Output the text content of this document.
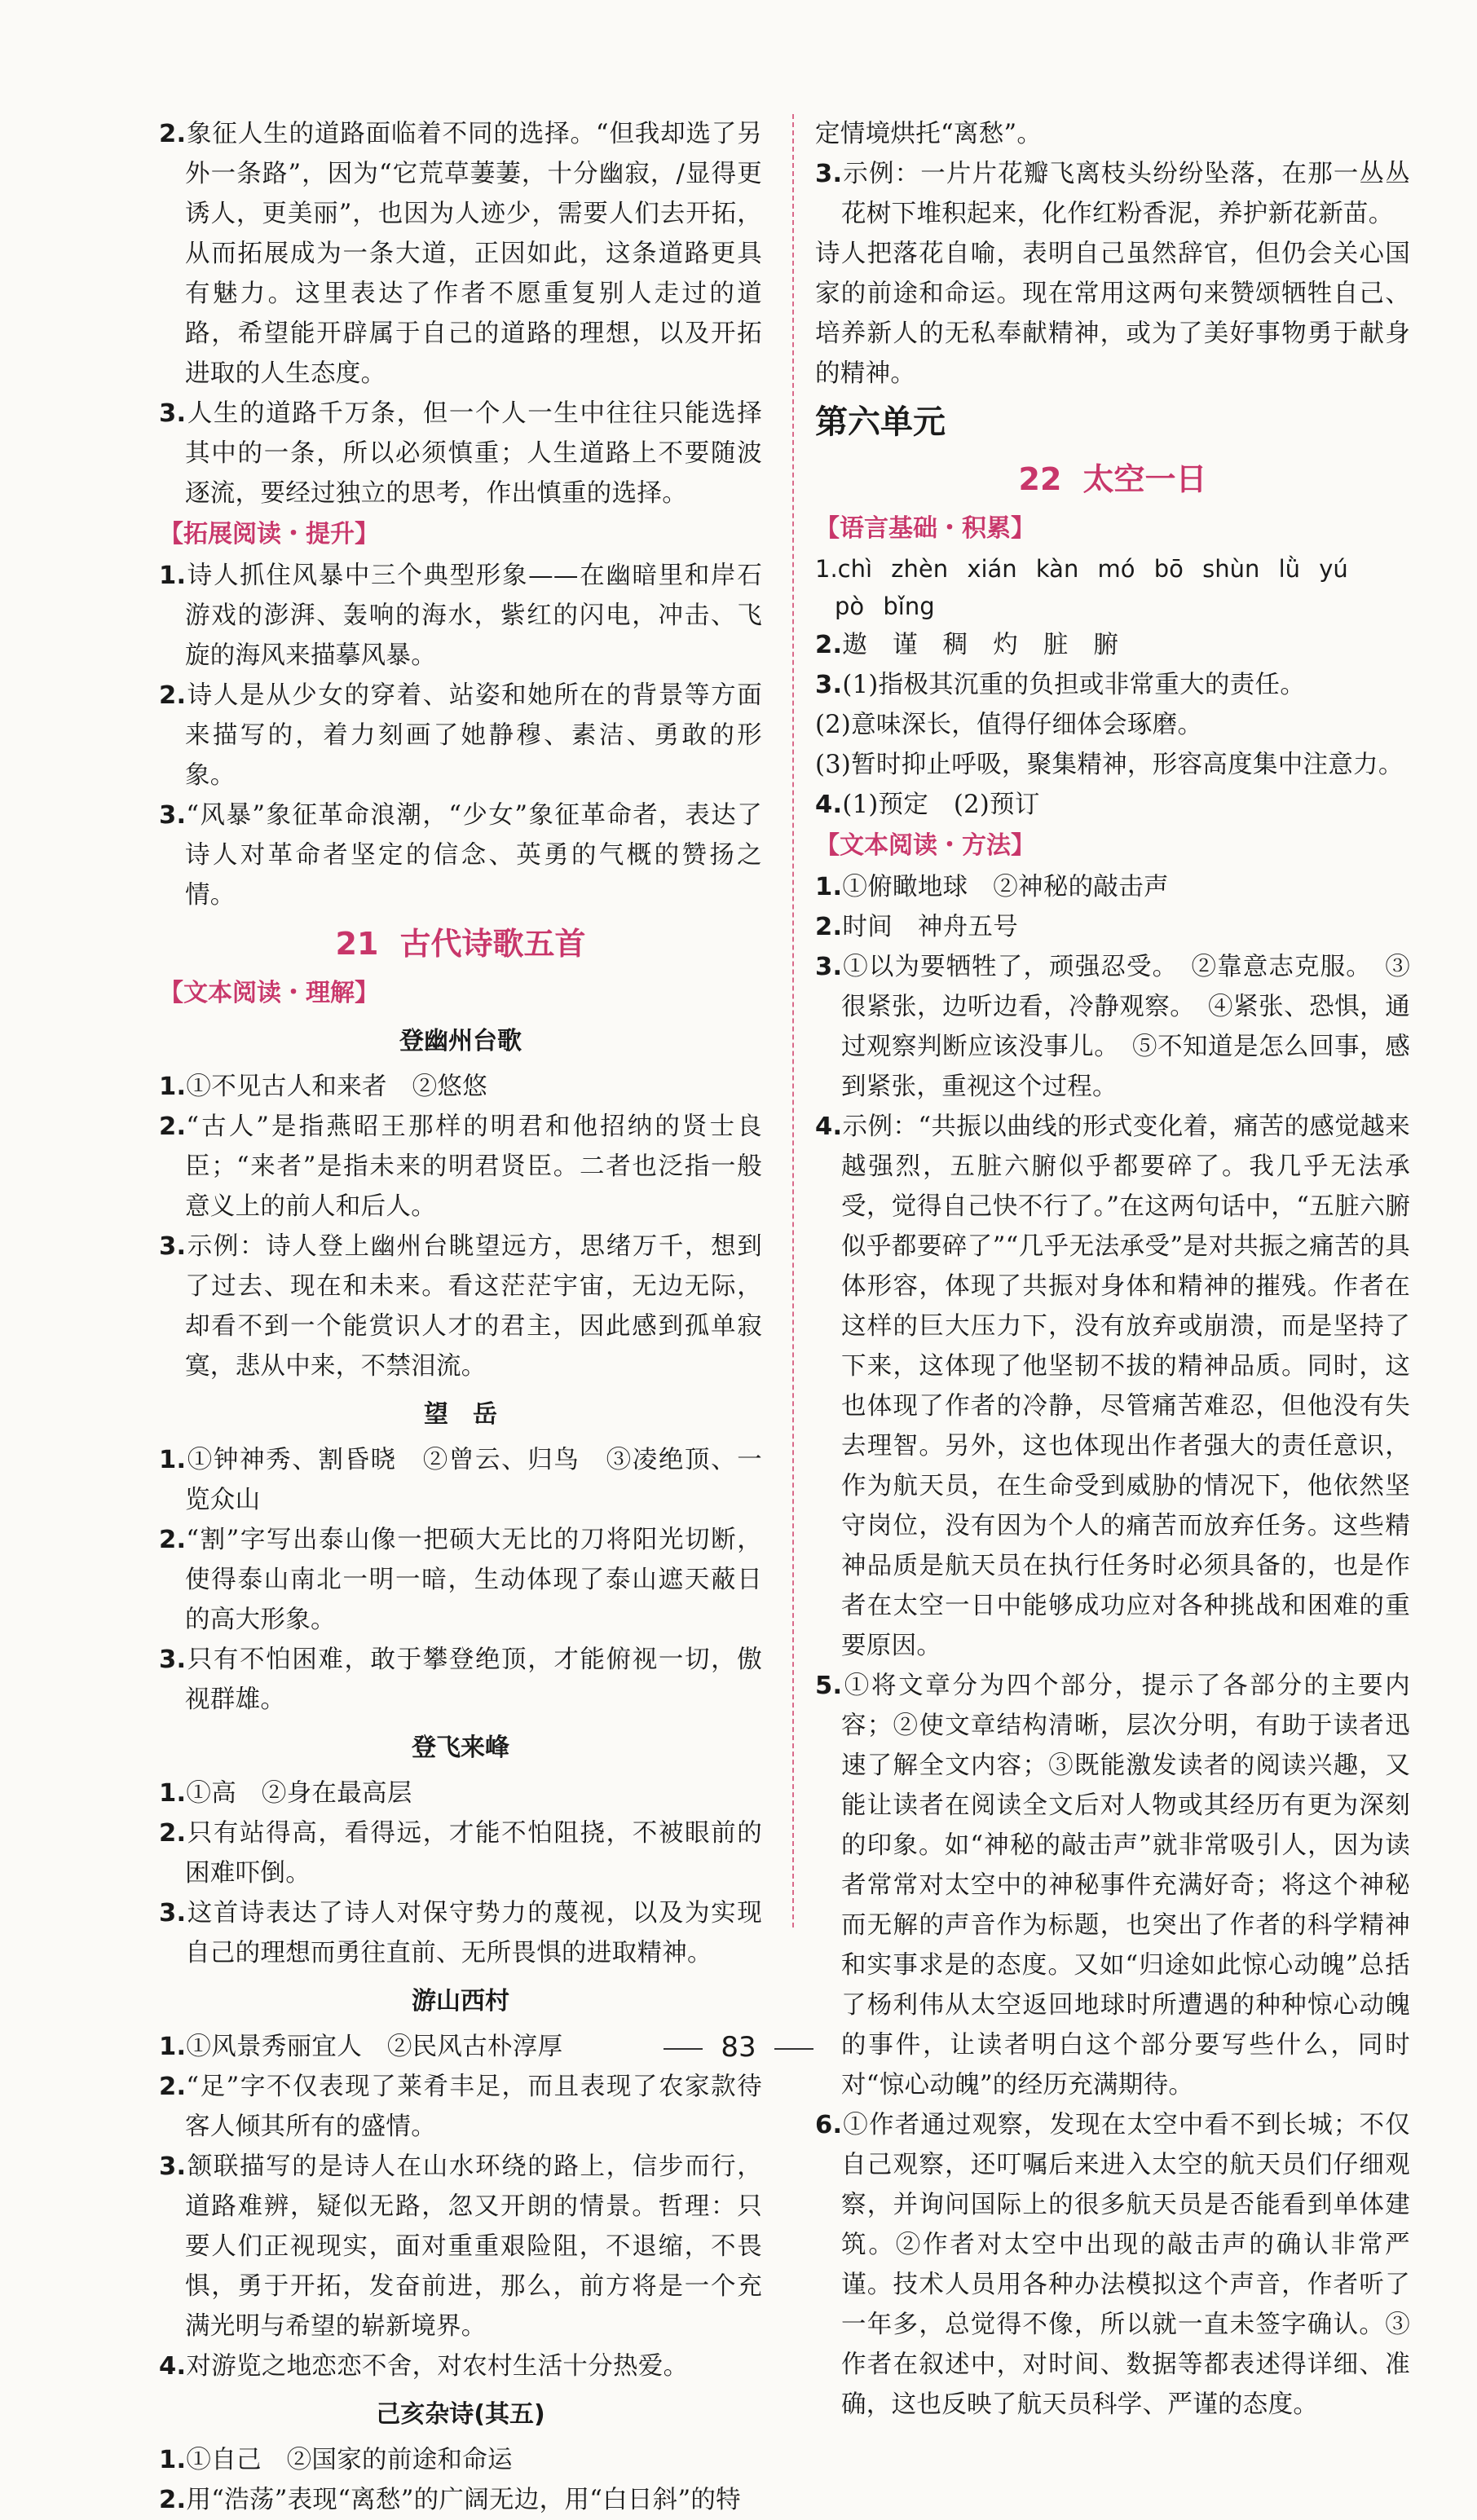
2.象征人生的道路面临着不同的选择。“但我却选了另外一条路”，因为“它荒草萋萋，十分幽寂，/显得更诱人，更美丽”，也因为人迹少，需要人们去开拓，从而拓展成为一条大道，正因如此，这条道路更具有魅力。这里表达了作者不愿重复别人走过的道路，希望能开辟属于自己的道路的理想，以及开拓进取的人生态度。

3.人生的道路千万条，但一个人一生中往往只能选择其中的一条，所以必须慎重；人生道路上不要随波逐流，要经过独立的思考，作出慎重的选择。

【拓展阅读・提升】

1.诗人抓住风暴中三个典型形象——在幽暗里和岸石游戏的澎湃、轰响的海水，紫红的闪电，冲击、飞旋的海风来描摹风暴。

2.诗人是从少女的穿着、站姿和她所在的背景等方面来描写的，着力刻画了她静穆、素洁、勇敢的形象。

3.“风暴”象征革命浪潮，“少女”象征革命者，表达了诗人对革命者坚定的信念、英勇的气概的赞扬之情。

21 古代诗歌五首
【文本阅读・理解】
登幽州台歌

1.①不见古人和来者　②悠悠

2.“古人”是指燕昭王那样的明君和他招纳的贤士良臣；“来者”是指未来的明君贤臣。二者也泛指一般意义上的前人和后人。

3.示例：诗人登上幽州台眺望远方，思绪万千，想到了过去、现在和未来。看这茫茫宇宙，无边无际，却看不到一个能赏识人才的君主，因此感到孤单寂寞，悲从中来，不禁泪流。

望　岳

1.①钟神秀、割昏晓　②曾云、归鸟　③凌绝顶、一览众山

2.“割”字写出泰山像一把硕大无比的刀将阳光切断，使得泰山南北一明一暗，生动体现了泰山遮天蔽日的高大形象。

3.只有不怕困难，敢于攀登绝顶，才能俯视一切，傲视群雄。

登飞来峰

1.①高　②身在最高层

2.只有站得高，看得远，才能不怕阻挠，不被眼前的困难吓倒。

3.这首诗表达了诗人对保守势力的蔑视，以及为实现自己的理想而勇往直前、无所畏惧的进取精神。

游山西村

1.①风景秀丽宜人　②民风古朴淳厚

2.“足”字不仅表现了莱肴丰足，而且表现了农家款待客人倾其所有的盛情。

3.颔联描写的是诗人在山水环绕的路上，信步而行，道路难辨，疑似无路，忽又开朗的情景。哲理：只要人们正视现实，面对重重艰险阻，不退缩，不畏惧，勇于开拓，发奋前进，那么，前方将是一个充满光明与希望的崭新境界。

4.对游览之地恋恋不舍，对农村生活十分热爱。

己亥杂诗(其五)

1.①自己　②国家的前途和命运

2.用“浩荡”表现“离愁”的广阔无边，用“白日斜”的特

定情境烘托“离愁”。

3.示例：一片片花瓣飞离枝头纷纷坠落，在那一丛丛花树下堆积起来，化作红粉香泥，养护新花新苗。

诗人把落花自喻，表明自己虽然辞官，但仍会关心国家的前途和命运。现在常用这两句来赞颂牺牲自己、培养新人的无私奉献精神，或为了美好事物勇于献身的精神。

第六单元
22 太空一日
【语言基础・积累】

1.chì zhèn xián kàn mó bō shùn lǜ yú

pò bǐng

2.遨　谨　稠　灼　脏　腑

3.(1)指极其沉重的负担或非常重大的责任。

(2)意味深长，值得仔细体会琢磨。

(3)暂时抑止呼吸，聚集精神，形容高度集中注意力。

4.(1)预定　(2)预订

【文本阅读・方法】

1.①俯瞰地球　②神秘的敲击声

2.时间　神舟五号

3.①以为要牺牲了，顽强忍受。　②靠意志克服。　③很紧张，边听边看，冷静观察。　④紧张、恐惧，通过观察判断应该没事儿。　⑤不知道是怎么回事，感到紧张，重视这个过程。

4.示例：“共振以曲线的形式变化着，痛苦的感觉越来越强烈，五脏六腑似乎都要碎了。我几乎无法承受，觉得自己快不行了。”在这两句话中，“五脏六腑似乎都要碎了”“几乎无法承受”是对共振之痛苦的具体形容，体现了共振对身体和精神的摧残。作者在这样的巨大压力下，没有放弃或崩溃，而是坚持了下来，这体现了他坚韧不拔的精神品质。同时，这也体现了作者的冷静，尽管痛苦难忍，但他没有失去理智。另外，这也体现出作者强大的责任意识，作为航天员，在生命受到威胁的情况下，他依然坚守岗位，没有因为个人的痛苦而放弃任务。这些精神品质是航天员在执行任务时必须具备的，也是作者在太空一日中能够成功应对各种挑战和困难的重要原因。

5.①将文章分为四个部分，提示了各部分的主要内容；②使文章结构清晰，层次分明，有助于读者迅速了解全文内容；③既能激发读者的阅读兴趣，又能让读者在阅读全文后对人物或其经历有更为深刻的印象。如“神秘的敲击声”就非常吸引人，因为读者常常对太空中的神秘事件充满好奇；将这个神秘而无解的声音作为标题，也突出了作者的科学精神和实事求是的态度。又如“归途如此惊心动魄”总括了杨利伟从太空返回地球时所遭遇的种种惊心动魄的事件，让读者明白这个部分要写些什么，同时对“惊心动魄”的经历充满期待。

6.①作者通过观察，发现在太空中看不到长城；不仅自己观察，还叮嘱后来进入太空的航天员们仔细观察，并询问国际上的很多航天员是否能看到单体建筑。②作者对太空中出现的敲击声的确认非常严谨。技术人员用各种办法模拟这个声音，作者听了一年多，总觉得不像，所以就一直未签字确认。③作者在叙述中，对时间、数据等都表述得详细、准确，这也反映了航天员科学、严谨的态度。

83
